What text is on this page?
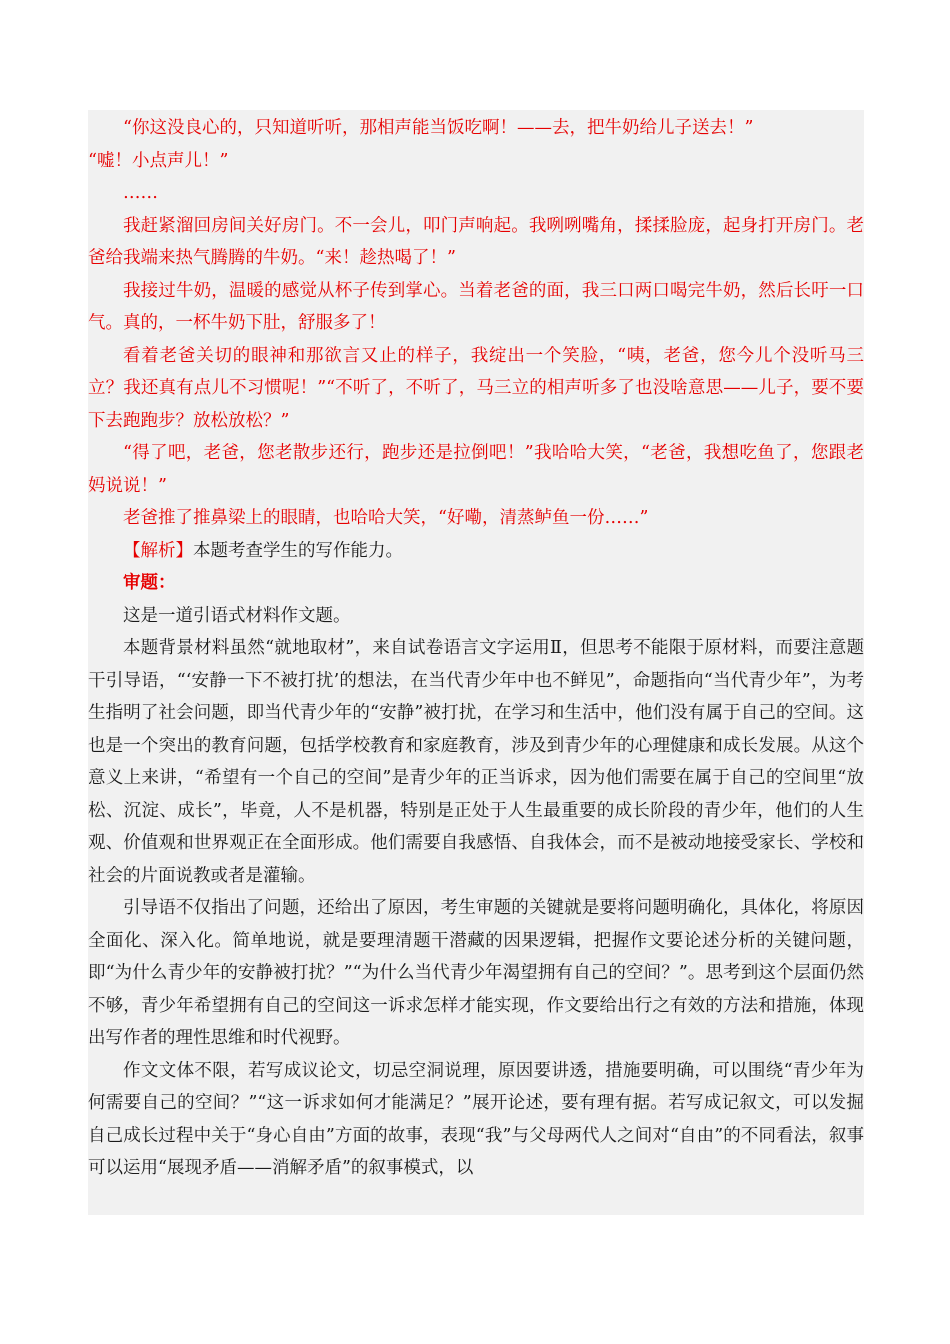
“你这没良心的，只知道听听，那相声能当饭吃啊！——去，把牛奶给儿子送去！”

“嘘！小点声儿！”

……

我赶紧溜回房间关好房门。不一会儿，叩门声响起。我咧咧嘴角，揉揉脸庞，起身打开房门。老爸给我端来热气腾腾的牛奶。“来！趁热喝了！”

我接过牛奶，温暖的感觉从杯子传到掌心。当着老爸的面，我三口两口喝完牛奶，然后长吁一口气。真的，一杯牛奶下肚，舒服多了！

看着老爸关切的眼神和那欲言又止的样子，我绽出一个笑脸，“咦，老爸，您今儿个没听马三立？我还真有点儿不习惯呢！”“不听了，不听了，马三立的相声听多了也没啥意思——儿子，要不要下去跑跑步？放松放松？”

“得了吧，老爸，您老散步还行，跑步还是拉倒吧！”我哈哈大笑，“老爸，我想吃鱼了，您跟老妈说说！”

老爸推了推鼻梁上的眼睛，也哈哈大笑，“好嘞，清蒸鲈鱼一份……”

【解析】本题考查学生的写作能力。

审题：

这是一道引语式材料作文题。

本题背景材料虽然“就地取材”，来自试卷语言文字运用Ⅱ，但思考不能限于原材料，而要注意题干引导语，“‘安静一下不被打扰’的想法，在当代青少年中也不鲜见”，命题指向“当代青少年”，为考生指明了社会问题，即当代青少年的“安静”被打扰，在学习和生活中，他们没有属于自己的空间。这也是一个突出的教育问题，包括学校教育和家庭教育，涉及到青少年的心理健康和成长发展。从这个意义上来讲，“希望有一个自己的空间”是青少年的正当诉求，因为他们需要在属于自己的空间里“放松、沉淀、成长”，毕竟，人不是机器，特别是正处于人生最重要的成长阶段的青少年，他们的人生观、价值观和世界观正在全面形成。他们需要自我感悟、自我体会，而不是被动地接受家长、学校和社会的片面说教或者是灌输。

引导语不仅指出了问题，还给出了原因，考生审题的关键就是要将问题明确化，具体化，将原因全面化、深入化。简单地说，就是要理清题干潜藏的因果逻辑，把握作文要论述分析的关键问题，即“为什么青少年的安静被打扰？”“为什么当代青少年渴望拥有自己的空间？”。思考到这个层面仍然不够，青少年希望拥有自己的空间这一诉求怎样才能实现，作文要给出行之有效的方法和措施，体现出写作者的理性思维和时代视野。

作文文体不限，若写成议论文，切忌空洞说理，原因要讲透，措施要明确，可以围绕“青少年为何需要自己的空间？”“这一诉求如何才能满足？”展开论述，要有理有据。若写成记叙文，可以发掘自己成长过程中关于“身心自由”方面的故事，表现“我”与父母两代人之间对“自由”的不同看法，叙事可以运用“展现矛盾——消解矛盾”的叙事模式，以
